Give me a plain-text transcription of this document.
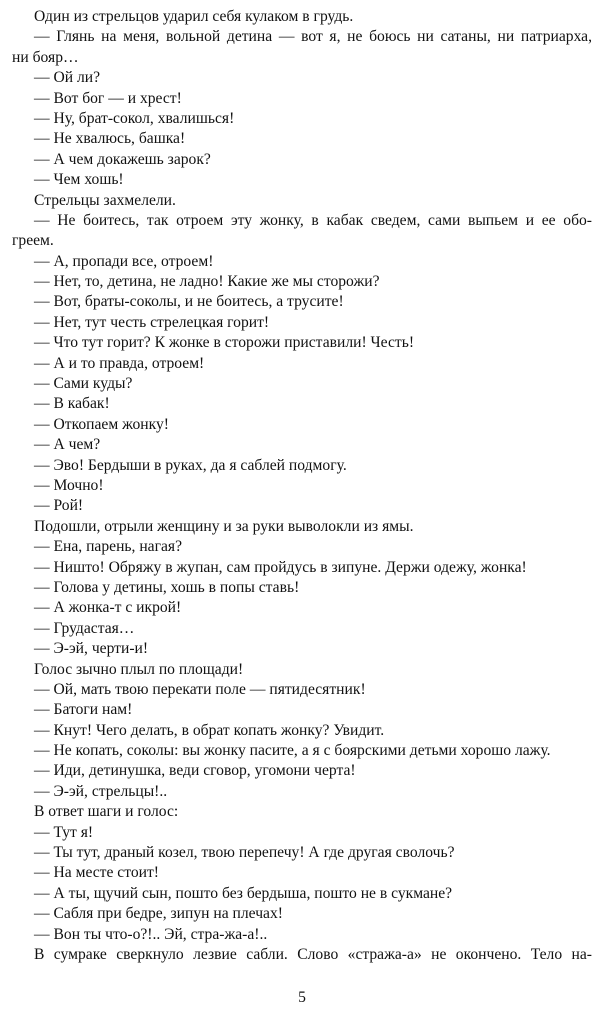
Один из стрельцов ударил себя кулаком в грудь.
— Глянь на меня, вольной детина — вот я, не боюсь ни сатаны, ни патриарха,
ни бояр…
— Ой ли?
— Вот бог — и хрест!
— Ну, брат-сокол, хвалишься!
— Не хвалюсь, башка!
— А чем докажешь зарок?
— Чем хошь!
Стрельцы захмелели.
— Не боитесь, так отроем эту жонку, в кабак сведем, сами выпьем и ее обо-
греем.
— А, пропади все, отроем!
— Нет, то, детина, не ладно! Какие же мы сторожи?
— Вот, браты-соколы, и не боитесь, а трусите!
— Нет, тут честь стрелецкая горит!
— Что тут горит? К жонке в сторожи приставили! Честь!
— А и то правда, отроем!
— Сами куды?
— В кабак!
— Откопаем жонку!
— А чем?
— Эво! Бердыши в руках, да я саблей подмогу.
— Мочно!
— Рой!
Подошли, отрыли женщину и за руки выволокли из ямы.
— Ена, парень, нагая?
— Ништо! Обряжу в жупан, сам пройдусь в зипуне. Держи одежу, жонка!
— Голова у детины, хошь в попы ставь!
— А жонка-т с икрой!
— Грудастая…
— Э-эй, черти-и!
Голос зычно плыл по площади!
— Ой, мать твою перекати поле — пятидесятник!
— Батоги нам!
— Кнут! Чего делать, в обрат копать жонку? Увидит.
— Не копать, соколы: вы жонку пасите, а я с боярскими детьми хорошо лажу.
— Иди, детинушка, веди сговор, угомони черта!
— Э-эй, стрельцы!..
В ответ шаги и голос:
— Тут я!
— Ты тут, драный козел, твою перепечу! А где другая сволочь?
— На месте стоит!
— А ты, щучий сын, пошто без бердыша, пошто не в сукмане?
— Сабля при бедре, зипун на плечах!
— Вон ты что-о?!.. Эй, стра-жа-а!..
В сумраке сверкнуло лезвие сабли. Слово «стража-а» не окончено. Тело на-
5
